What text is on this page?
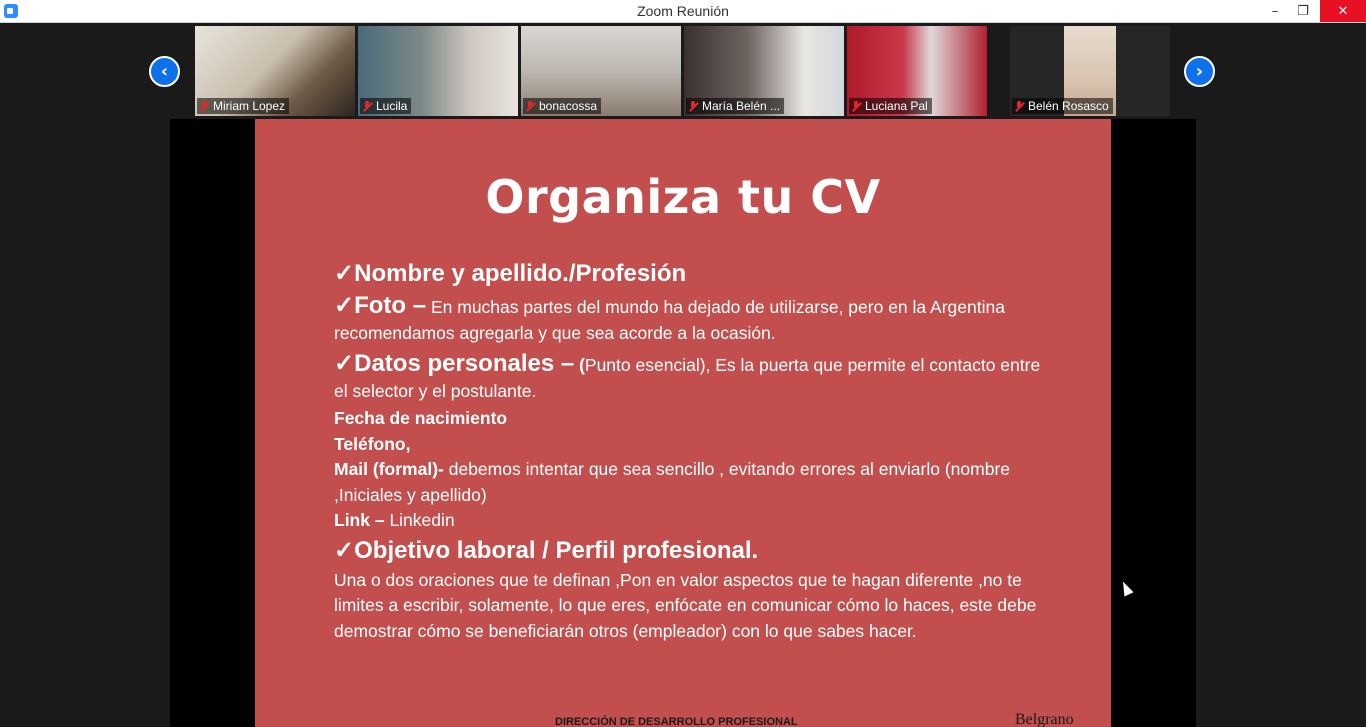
Zoom Reunión	–	❐	✕
‹
Miriam Lopez	Lucila	bonacossa	María Belén ...	Luciana Pal	Belén Rosasco
›
Organiza tu CV
✓Nombre y apellido./Profesión
✓Foto – En muchas partes del mundo ha dejado de utilizarse, pero en la Argentina recomendamos agregarla y que sea acorde a la ocasión.
✓Datos personales – (Punto esencial), Es la puerta que permite el contacto entre el selector y el postulante.
Fecha de nacimiento
Teléfono,
Mail (formal)- debemos intentar que sea sencillo , evitando errores al enviarlo (nombre ,Iniciales y apellido)
Link – Linkedin
✓Objetivo laboral / Perfil profesional.
Una o dos oraciones que te definan ,Pon en valor aspectos que te hagan diferente ,no te limites a escribir, solamente, lo que eres, enfócate en comunicar cómo lo haces, este debe demostrar cómo se beneficiarán otros (empleador) con lo que sabes hacer.
DIRECCIÓN DE DESARROLLO PROFESIONAL	Belgrano
